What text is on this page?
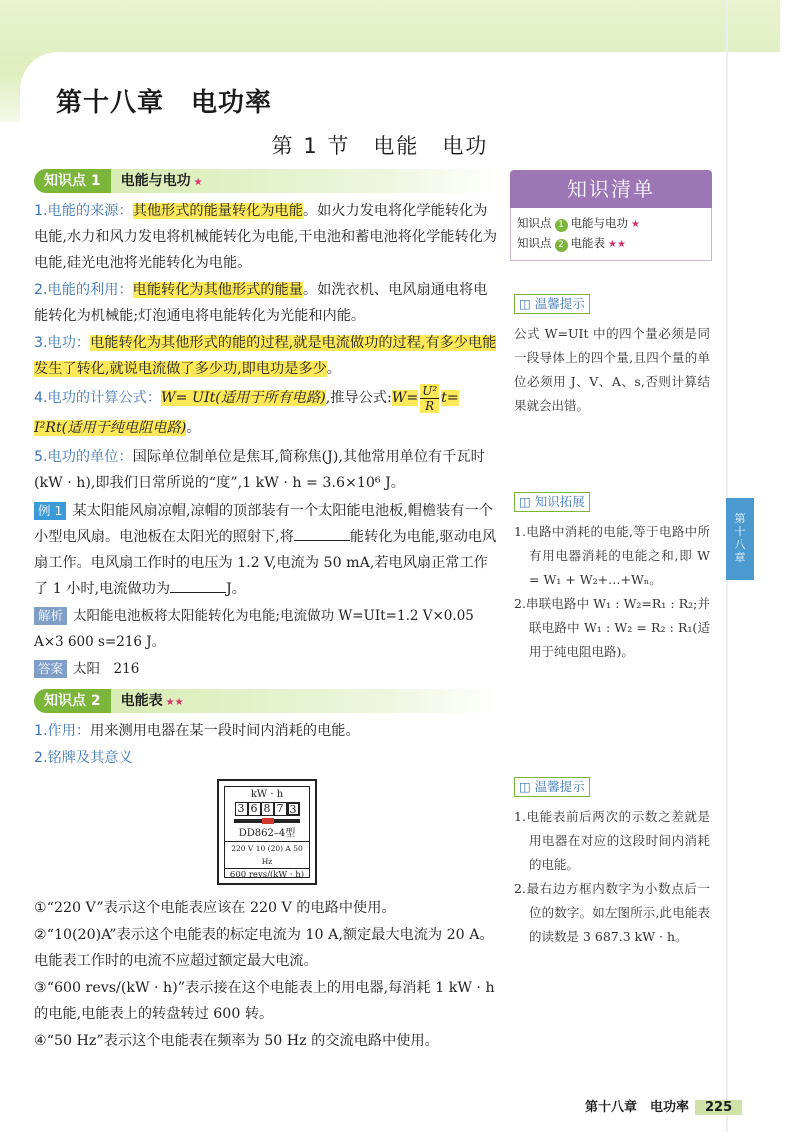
第十八章　电功率
第 1 节　电能　电功
知识点 1	电能与电功 ★
1.电能的来源：其他形式的能量转化为电能。如火力发电将化学能转化为电能,水力和风力发电将机械能转化为电能,干电池和蓄电池将化学能转化为电能,硅光电池将光能转化为电能。
2.电能的利用：电能转化为其他形式的能量。如洗衣机、电风扇通电将电能转化为机械能;灯泡通电将电能转化为光能和内能。
3.电功：电能转化为其他形式的能的过程,就是电流做功的过程,有多少电能发生了转化,就说电流做了多少功,即电功是多少。
4.电功的计算公式：W= UIt(适用于所有电路),推导公式:W= $\frac{\text{U²}}{R} t= I^2Rt$(适用于纯电阻电路)。
5.电功的单位：国际单位制单位是焦耳,简称焦(J),其他常用单位有千瓦时(kW · h),即我们日常所说的“度”,1 kW · h = 3.6×10⁶ J。
例 1 某太阳能风扇凉帽,凉帽的顶部装有一个太阳能电池板,帽檐装有一个小型电风扇。电池板在太阳光的照射下,将	能转化为电能,驱动电风扇工作。电风扇工作时的电压为 1.2 V,电流为 50 mA,若电风扇正常工作了 1 小时,电流做功为	J。
解析 太阳能电池板将太阳能转化为电能;电流做功 W=UIt=1.2 V×0.05 A×3 600 s=216 J。
答案 太阳　216
知识点 2	电能表 ★★
1.作用：用来测用电器在某一段时间内消耗的电能。
2.铭牌及其意义
kW · h
3 6 8 7 3
DD862–4型
220 V 10 (20) A 50 Hz
600 revs/(kW · h)
①“220 V”表示这个电能表应该在 220 V 的电路中使用。
②“10(20)A”表示这个电能表的标定电流为 10 A,额定最大电流为 20 A。电能表工作时的电流不应超过额定最大电流。
③“600 revs/(kW · h)”表示接在这个电能表上的用电器,每消耗 1 kW · h 的电能,电能表上的转盘转过 600 转。
④“50 Hz”表示这个电能表在频率为 50 Hz 的交流电路中使用。
知识清单
知识点 1 电能与电功 ★
知识点 2 电能表 ★★
◫ 温馨提示
公式 W=UIt 中的四个量必须是同一段导体上的四个量,且四个量的单位必须用 J、V、A、s,否则计算结果就会出错。
◫ 知识拓展
1.电路中消耗的电能,等于电路中所有用电器消耗的电能之和,即 W = W₁ + W₂+…+Wₙ。
2.串联电路中 W₁ : W₂=R₁ : R₂;并联电路中 W₁ : W₂ = R₂ : R₁(适用于纯电阻电路)。
◫ 温馨提示
1.电能表前后两次的示数之差就是用电器在对应的这段时间内消耗的电能。
2.最右边方框内数字为小数点后一位的数字。如左图所示,此电能表的读数是 3 687.3 kW · h。
第十八章
第十八章　电功率 225
